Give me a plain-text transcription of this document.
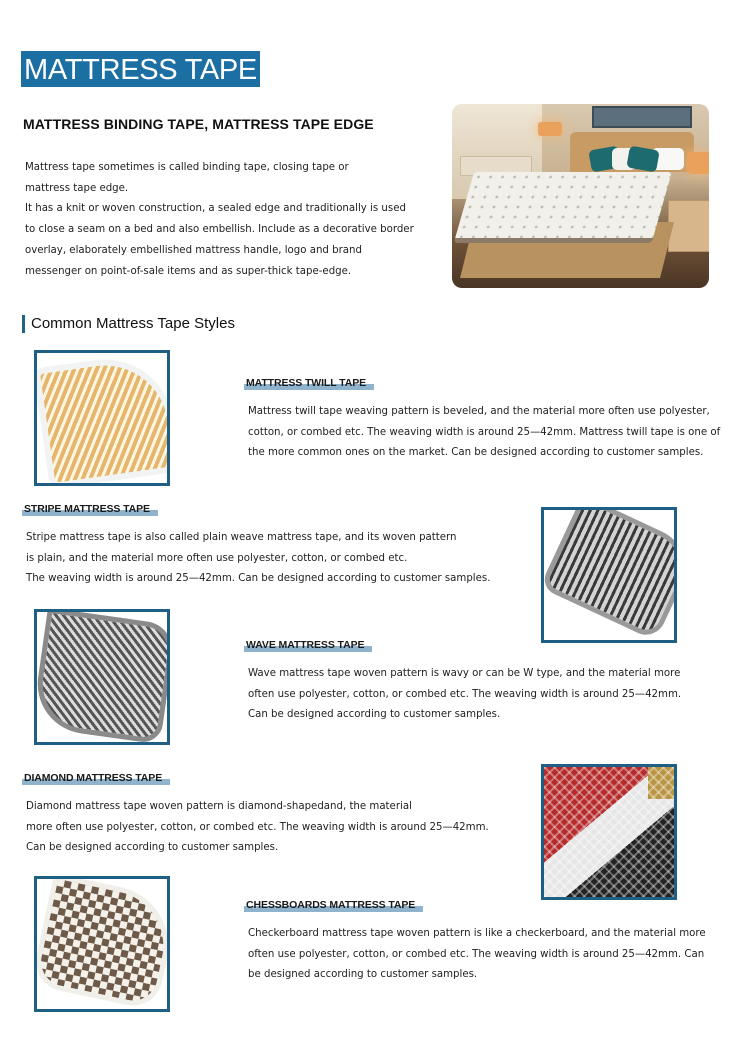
MATTRESS TAPE
MATTRESS BINDING TAPE, MATTRESS TAPE EDGE

Mattress tape sometimes is called binding tape, closing tape or

mattress tape edge.

It has a knit or woven construction, a sealed edge and traditionally is used

to close a seam on a bed and also embellish. Include as a decorative border

overlay, elaborately embellished mattress handle, logo and brand

messenger on point-of-sale items and as super-thick tape-edge.

Common Mattress Tape Styles
MATTRESS TWILL TAPE

Mattress twill tape weaving pattern is beveled, and the material more often use polyester,

cotton, or combed etc. The weaving width is around 25—42mm. Mattress twill tape is one of

the more common ones on the market. Can be designed according to customer samples.

STRIPE MATTRESS TAPE

Stripe mattress tape is also called plain weave mattress tape, and its woven pattern

is plain, and the material more often use polyester, cotton, or combed etc.

The weaving width is around 25—42mm. Can be designed according to customer samples.

WAVE MATTRESS TAPE

Wave mattress tape woven pattern is wavy or can be W type, and the material more

often use polyester, cotton, or combed etc. The weaving width is around 25—42mm.

Can be designed according to customer samples.

DIAMOND MATTRESS TAPE

Diamond mattress tape woven pattern is diamond-shapedand, the material

more often use polyester, cotton, or combed etc. The weaving width is around 25—42mm.

Can be designed according to customer samples.

CHESSBOARDS MATTRESS TAPE

Checkerboard mattress tape woven pattern is like a checkerboard, and the material more

often use polyester, cotton, or combed etc. The weaving width is around 25—42mm. Can

be designed according to customer samples.
